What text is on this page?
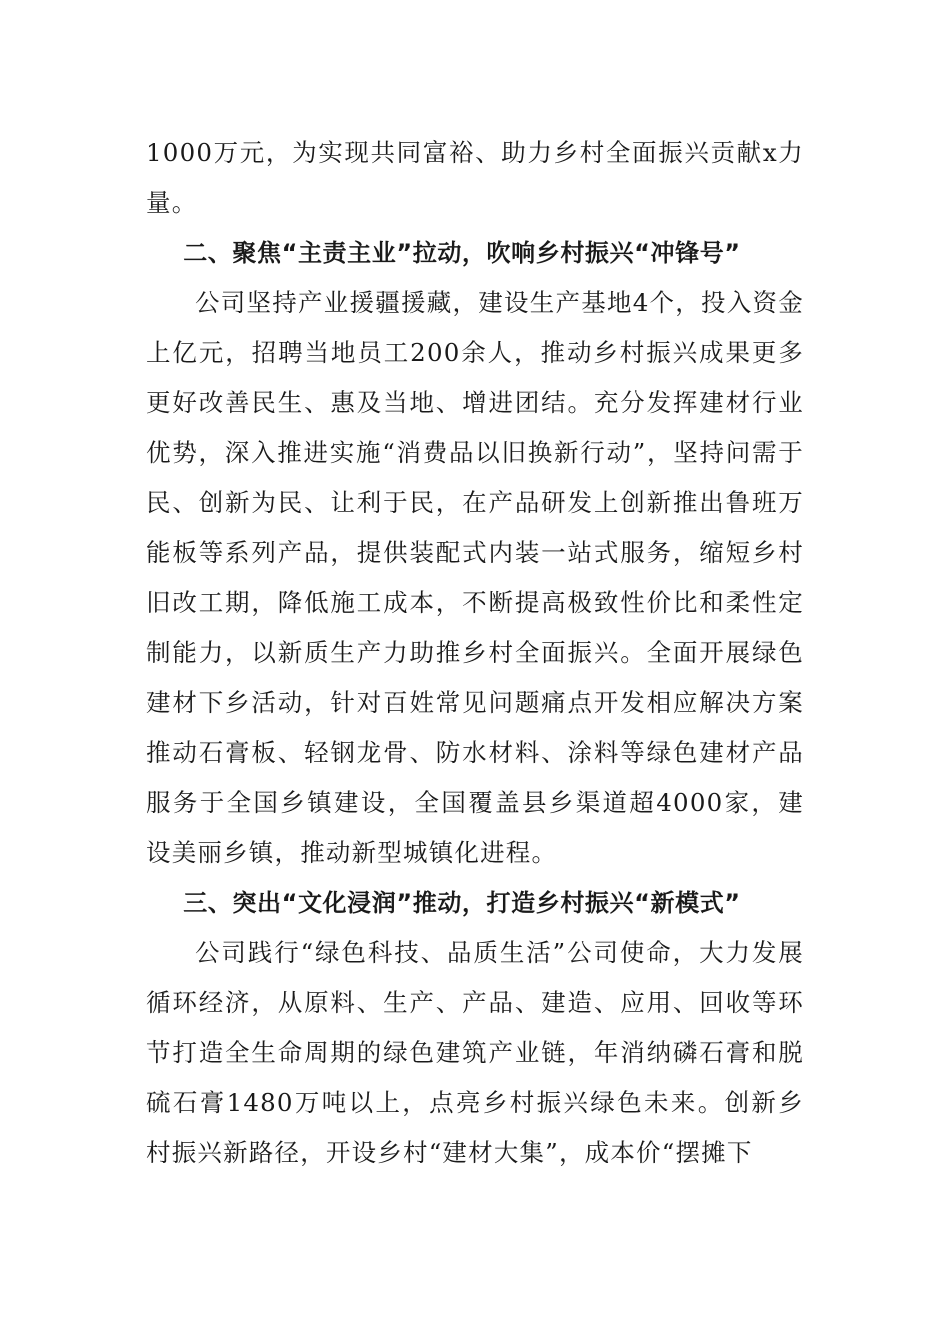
1000万元，为实现共同富裕、助力乡村全面振兴贡献x力量。

二、聚焦“主责主业”拉动，吹响乡村振兴“冲锋号”

公司坚持产业援疆援藏，建设生产基地4个，投入资金上亿元，招聘当地员工200余人，推动乡村振兴成果更多更好改善民生、惠及当地、增进团结。充分发挥建材行业优势，深入推进实施“消费品以旧换新行动”，坚持问需于民、创新为民、让利于民，在产品研发上创新推出鲁班万能板等系列产品，提供装配式内装一站式服务，缩短乡村旧改工期，降低施工成本，不断提高极致性价比和柔性定制能力，以新质生产力助推乡村全面振兴。全面开展绿色建材下乡活动，针对百姓常见问题痛点开发相应解决方案推动石膏板、轻钢龙骨、防水材料、涂料等绿色建材产品服务于全国乡镇建设，全国覆盖县乡渠道超4000家，建设美丽乡镇，推动新型城镇化进程。

三、突出“文化浸润”推动，打造乡村振兴“新模式”

公司践行“绿色科技、品质生活”公司使命，大力发展循环经济，从原料、生产、产品、建造、应用、回收等环节打造全生命周期的绿色建筑产业链，年消纳磷石膏和脱硫石膏1480万吨以上，点亮乡村振兴绿色未来。创新乡村振兴新路径，开设乡村“建材大集”，成本价“摆摊下
